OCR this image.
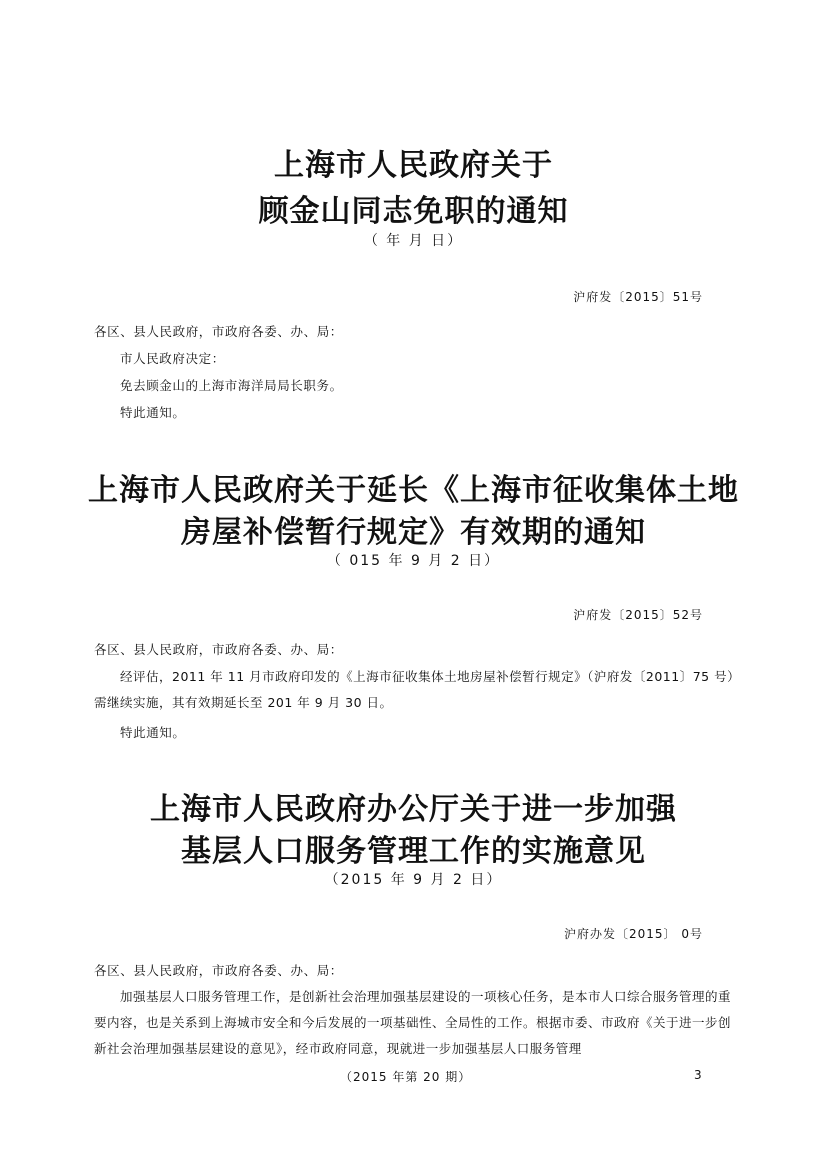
上海市人民政府关于
顾金山同志免职的通知
（ 年 月 日）
沪府发〔2015〕51号
各区、县人民政府，市政府各委、办、局：
市人民政府决定：
免去顾金山的上海市海洋局局长职务。
特此通知。
上海市人民政府关于延长《上海市征收集体土地
房屋补偿暂行规定》有效期的通知
（ 015 年 9 月 2 日）
沪府发〔2015〕52号
各区、县人民政府，市政府各委、办、局：
经评估，2011 年 11 月市政府印发的《上海市征收集体土地房屋补偿暂行规定》（沪府发〔2011〕75 号）需继续实施，其有效期延长至 201 年 9 月 30 日。
特此通知。
上海市人民政府办公厅关于进一步加强
基层人口服务管理工作的实施意见
（2015 年 9 月 2 日）
沪府办发〔2015〕 0号
各区、县人民政府，市政府各委、办、局：
加强基层人口服务管理工作，是创新社会治理加强基层建设的一项核心任务，是本市人口综合服务管理的重要内容，也是关系到上海城市安全和今后发展的一项基础性、全局性的工作。根据市委、市政府《关于进一步创新社会治理加强基层建设的意见》，经市政府同意，现就进一步加强基层人口服务管理
（2015 年第 20 期）	3
